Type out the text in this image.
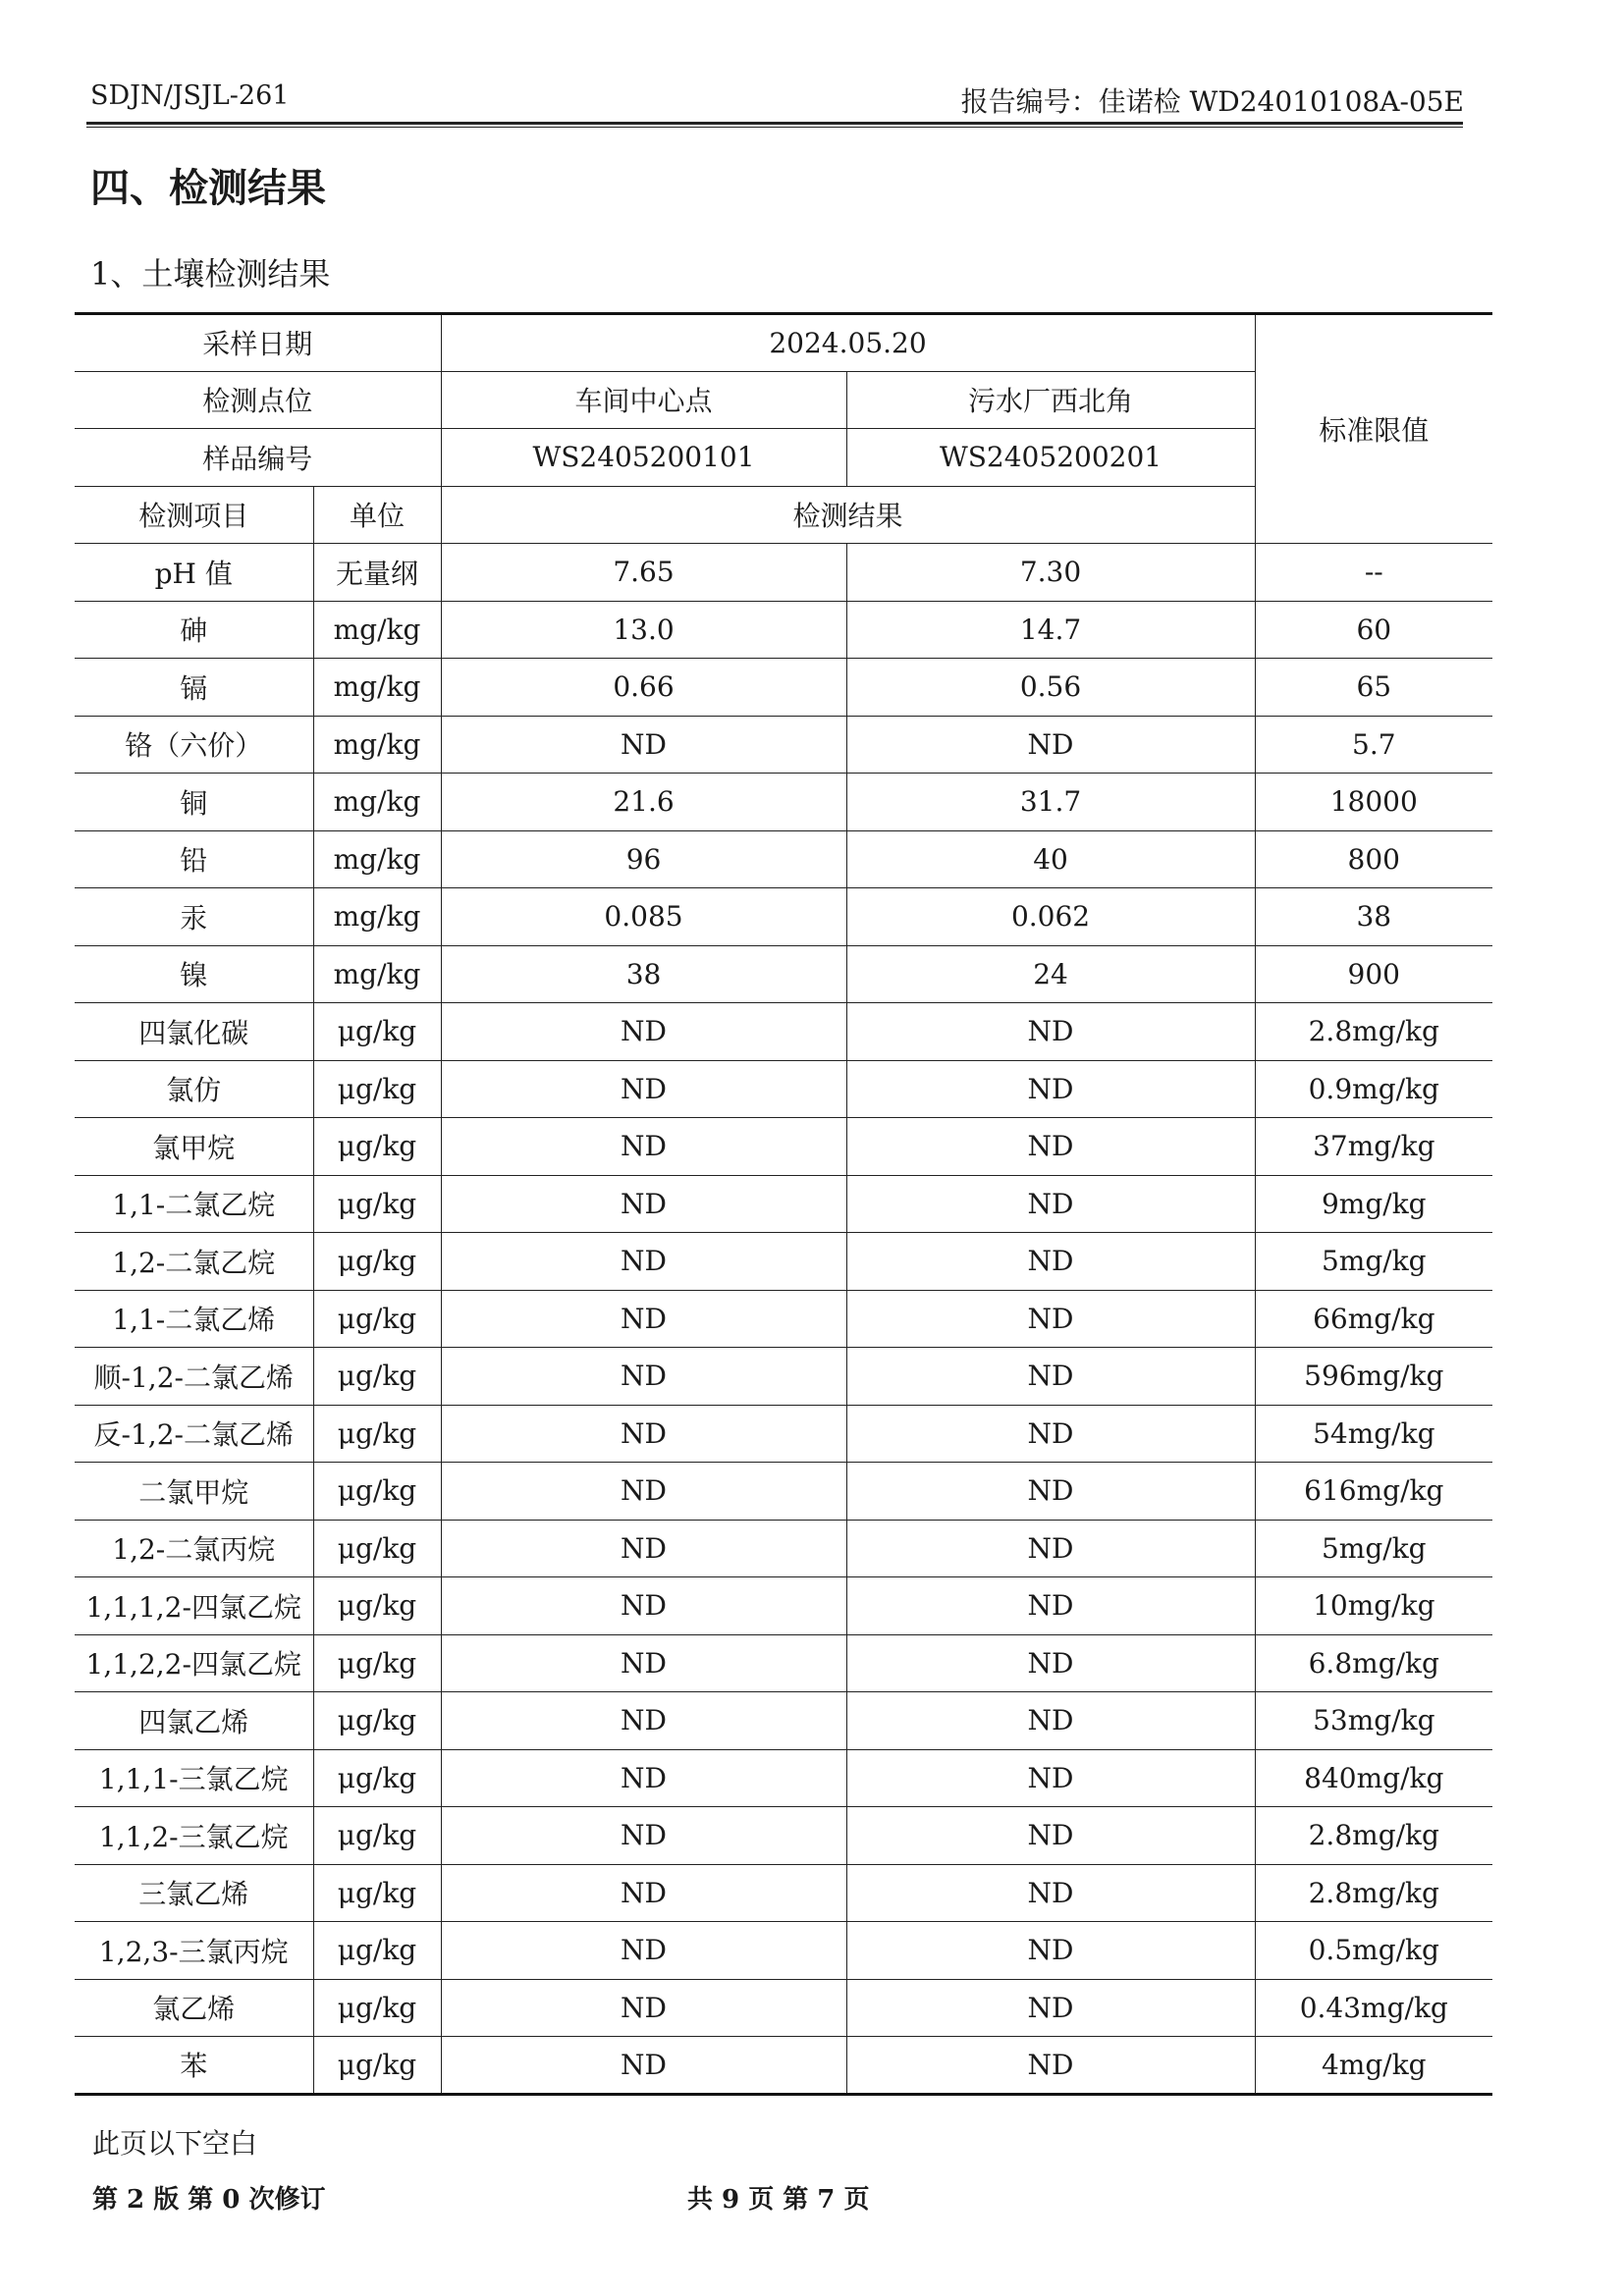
SDJN/JSJL-261	报告编号：佳诺检 WD24010108A-05E
四、检测结果
1、土壤检测结果
采样日期		2024.05.20		标准限值
检测点位		车间中心点	污水厂西北角	
样品编号		WS2405200101	WS2405200201	
检测项目	单位	检测结果		
pH 值	无量纲	7.65	7.30	--
砷	mg/kg	13.0	14.7	60
镉	mg/kg	0.66	0.56	65
铬（六价）	mg/kg	ND	ND	5.7
铜	mg/kg	21.6	31.7	18000
铅	mg/kg	96	40	800
汞	mg/kg	0.085	0.062	38
镍	mg/kg	38	24	900
四氯化碳	μg/kg	ND	ND	2.8mg/kg
氯仿	μg/kg	ND	ND	0.9mg/kg
氯甲烷	μg/kg	ND	ND	37mg/kg
1,1-二氯乙烷	μg/kg	ND	ND	9mg/kg
1,2-二氯乙烷	μg/kg	ND	ND	5mg/kg
1,1-二氯乙烯	μg/kg	ND	ND	66mg/kg
顺-1,2-二氯乙烯	μg/kg	ND	ND	596mg/kg
反-1,2-二氯乙烯	μg/kg	ND	ND	54mg/kg
二氯甲烷	μg/kg	ND	ND	616mg/kg
1,2-二氯丙烷	μg/kg	ND	ND	5mg/kg
1,1,1,2-四氯乙烷	μg/kg	ND	ND	10mg/kg
1,1,2,2-四氯乙烷	μg/kg	ND	ND	6.8mg/kg
四氯乙烯	μg/kg	ND	ND	53mg/kg
1,1,1-三氯乙烷	μg/kg	ND	ND	840mg/kg
1,1,2-三氯乙烷	μg/kg	ND	ND	2.8mg/kg
三氯乙烯	μg/kg	ND	ND	2.8mg/kg
1,2,3-三氯丙烷	μg/kg	ND	ND	0.5mg/kg
氯乙烯	μg/kg	ND	ND	0.43mg/kg
苯	μg/kg	ND	ND	4mg/kg
此页以下空白
第 2 版 第 0 次修订	共 9 页 第 7 页
